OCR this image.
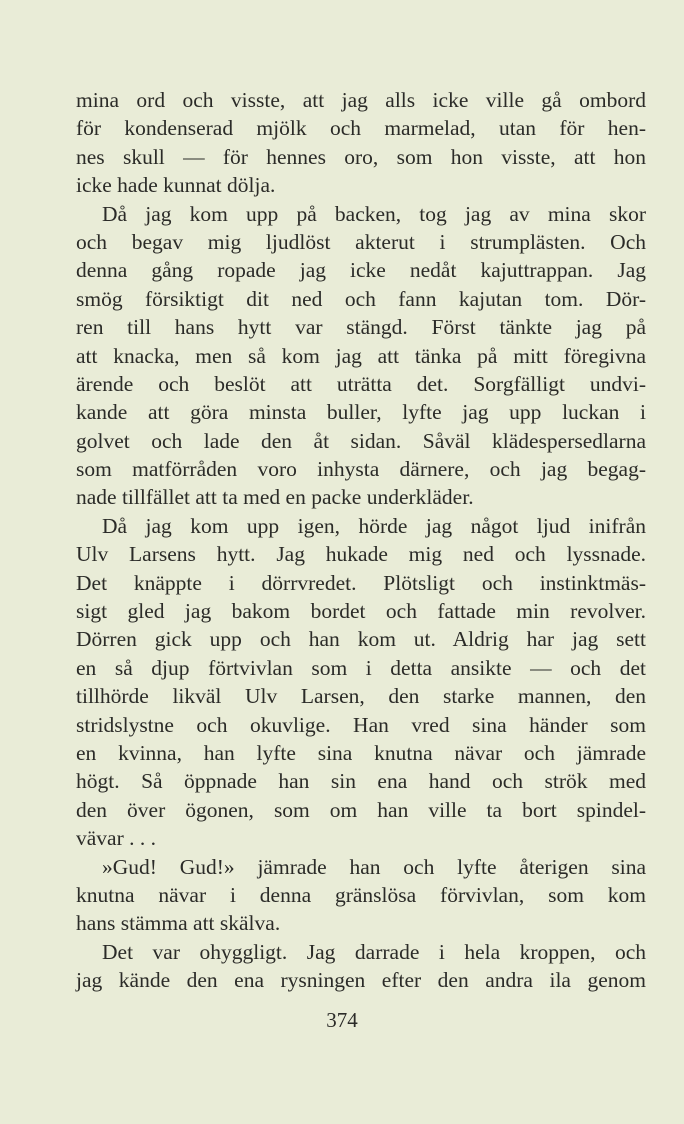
mina ord och visste, att jag alls icke ville gå ombord
för kondenserad mjölk och marmelad, utan för hen-
nes skull — för hennes oro, som hon visste, att hon
icke hade kunnat dölja.
Då jag kom upp på backen, tog jag av mina skor
och begav mig ljudlöst akterut i strumplästen. Och
denna gång ropade jag icke nedåt kajuttrappan. Jag
smög försiktigt dit ned och fann kajutan tom. Dör-
ren till hans hytt var stängd. Först tänkte jag på
att knacka, men så kom jag att tänka på mitt föregivna
ärende och beslöt att uträtta det. Sorgfälligt undvi-
kande att göra minsta buller, lyfte jag upp luckan i
golvet och lade den åt sidan. Såväl klädespersedlarna
som matförråden voro inhysta därnere, och jag begag-
nade tillfället att ta med en packe underkläder.
Då jag kom upp igen, hörde jag något ljud inifrån
Ulv Larsens hytt. Jag hukade mig ned och lyssnade.
Det knäppte i dörrvredet. Plötsligt och instinktmäs-
sigt gled jag bakom bordet och fattade min revolver.
Dörren gick upp och han kom ut. Aldrig har jag sett
en så djup förtvivlan som i detta ansikte — och det
tillhörde likväl Ulv Larsen, den starke mannen, den
stridslystne och okuvlige. Han vred sina händer som
en kvinna, han lyfte sina knutna nävar och jämrade
högt. Så öppnade han sin ena hand och strök med
den över ögonen, som om han ville ta bort spindel-
vävar . . .
»Gud! Gud!» jämrade han och lyfte återigen sina
knutna nävar i denna gränslösa förvivlan, som kom
hans stämma att skälva.
Det var ohyggligt. Jag darrade i hela kroppen, och
jag kände den ena rysningen efter den andra ila genom
374
